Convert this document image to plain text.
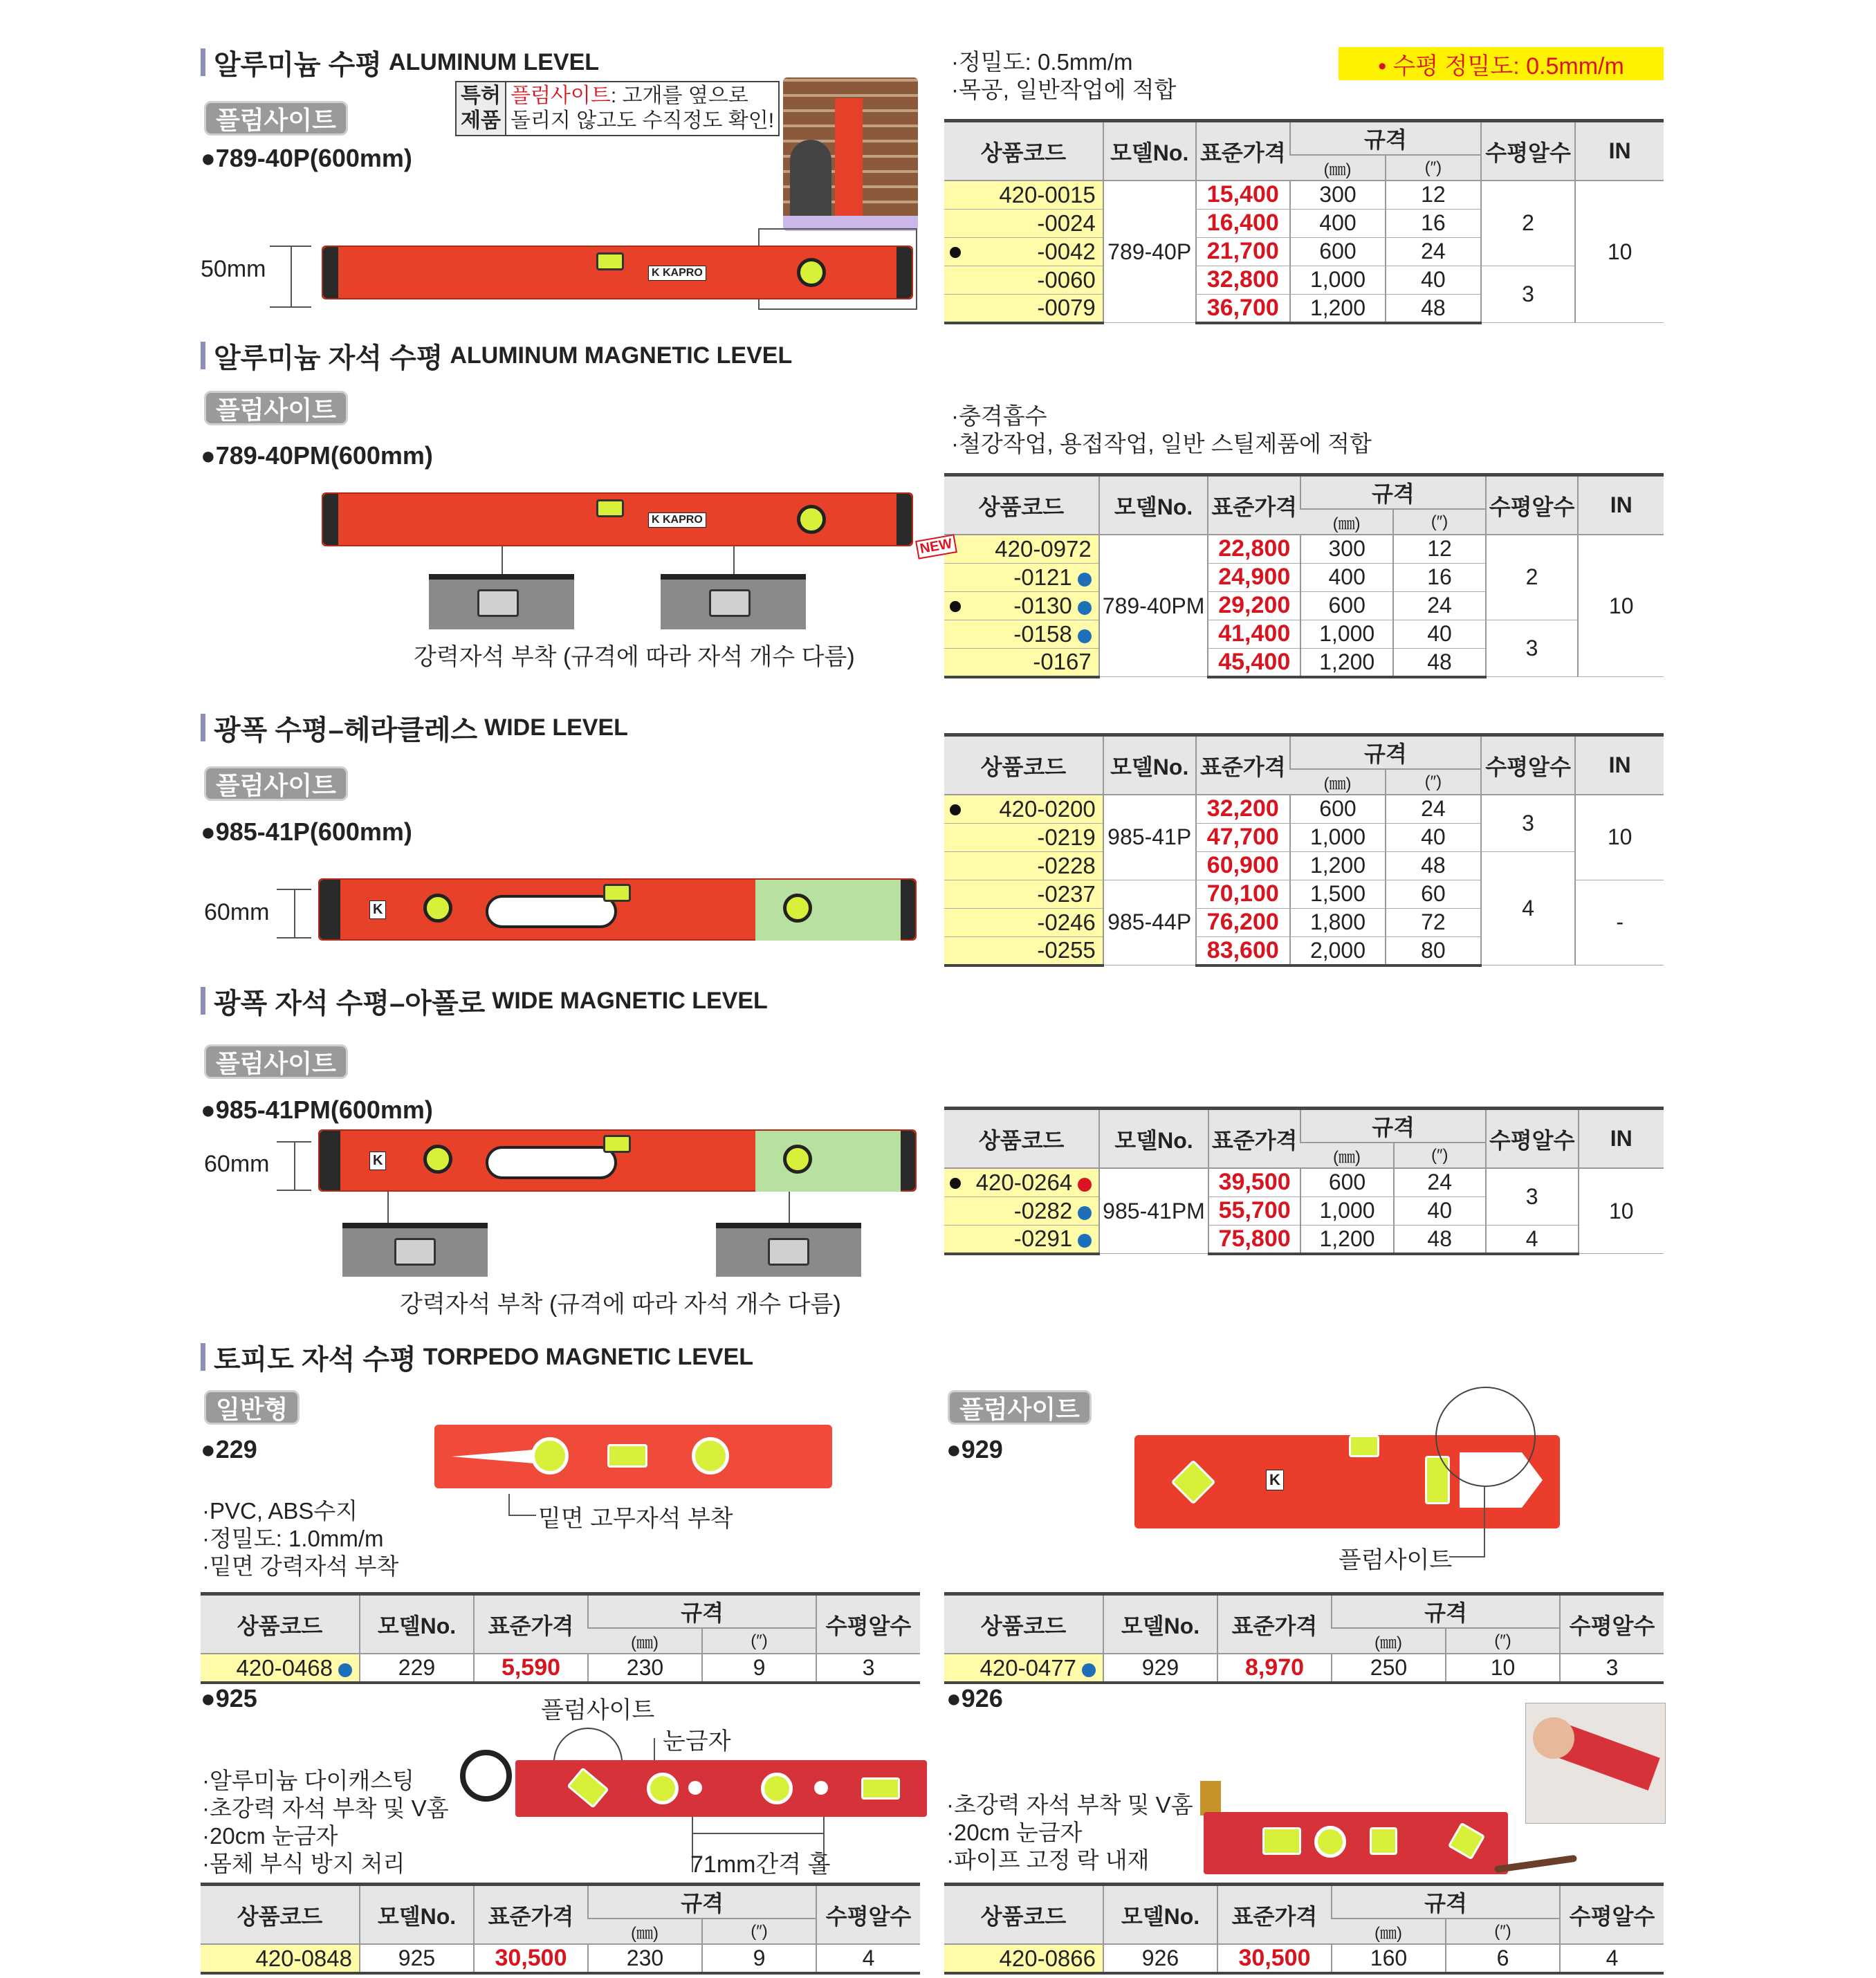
알루미늄 수평 ALUMINUM LEVEL
플럼사이트
●789-40P(600mm)
특허
제품
플럼사이트: 고개를 옆으로
돌리지 않고도 수직정도 확인!
50mm	K KAPRO
·정밀도: 0.5mm/m
·목공, 일반작업에 적합
• 수평 정밀도: 0.5mm/m
상품코드	모델No.	표준가격	규격		수평알수	IN
			(㎜)	(″)		
420-0015	789-40P	15,400	300	12	2	10
-0024		16,400	400	16		

-0042		21,700	600	24		
-0060		32,800	1,000	40	3	
-0079		36,700	1,200	48		
알루미늄 자석 수평 ALUMINUM MAGNETIC LEVEL
플럼사이트
●789-40PM(600mm)
K KAPRO
강력자석 부착 (규격에 따라 자석 개수 다름)
·충격흡수
·철강작업, 용접작업, 일반 스틸제품에 적합
상품코드	모델No.	표준가격	규격		수평알수	IN
			(㎜)	(″)		

NEW 420-0972	789-40PM	22,800	300	12	2	10
-0121		24,900	400	16		

-0130		29,200	600	24		
-0158		41,400	1,000	40	3	
-0167		45,400	1,200	48		
광폭 수평–헤라클레스 WIDE LEVEL
플럼사이트
●985-41P(600mm)
60mm	K
상품코드	모델No.	표준가격	규격		수평알수	IN
			(㎜)	(″)		

420-0200	985-41P	32,200	600	24	3	10
-0219		47,700	1,000	40		
-0228		60,900	1,200	48	4	
-0237	985-44P	70,100	1,500	60		-
-0246		76,200	1,800	72		
-0255		83,600	2,000	80		
광폭 자석 수평–아폴로 WIDE MAGNETIC LEVEL
플럼사이트
●985-41PM(600mm)
60mm	K
강력자석 부착 (규격에 따라 자석 개수 다름)
상품코드	모델No.	표준가격	규격		수평알수	IN
			(㎜)	(″)		

420-0264	985-41PM	39,500	600	24	3	10
-0282		55,700	1,000	40		
-0291		75,800	1,200	48	4	
토피도 자석 수평 TORPEDO MAGNETIC LEVEL
일반형
●229
밑면 고무자석 부착
·PVC, ABS수지
·정밀도: 1.0mm/m
·밑면 강력자석 부착
상품코드	모델No.	표준가격	규격		수평알수
			(㎜)	(″)	
420-0468	229	5,590	230	9	3
플럼사이트
●929
K
플럼사이트
상품코드	모델No.	표준가격	규격		수평알수
			(㎜)	(″)	
420-0477	929	8,970	250	10	3
●925	플럼사이트
눈금자
71mm간격 홀
·알루미늄 다이캐스팅
·초강력 자석 부착 및 V홈
·20cm 눈금자
·몸체 부식 방지 처리
상품코드	모델No.	표준가격	규격		수평알수
			(㎜)	(″)	
420-0848	925	30,500	230	9	4
●926
·초강력 자석 부착 및 V홈
·20cm 눈금자
·파이프 고정 락 내재
상품코드	모델No.	표준가격	규격		수평알수
			(㎜)	(″)	
420-0866	926	30,500	160	6	4
